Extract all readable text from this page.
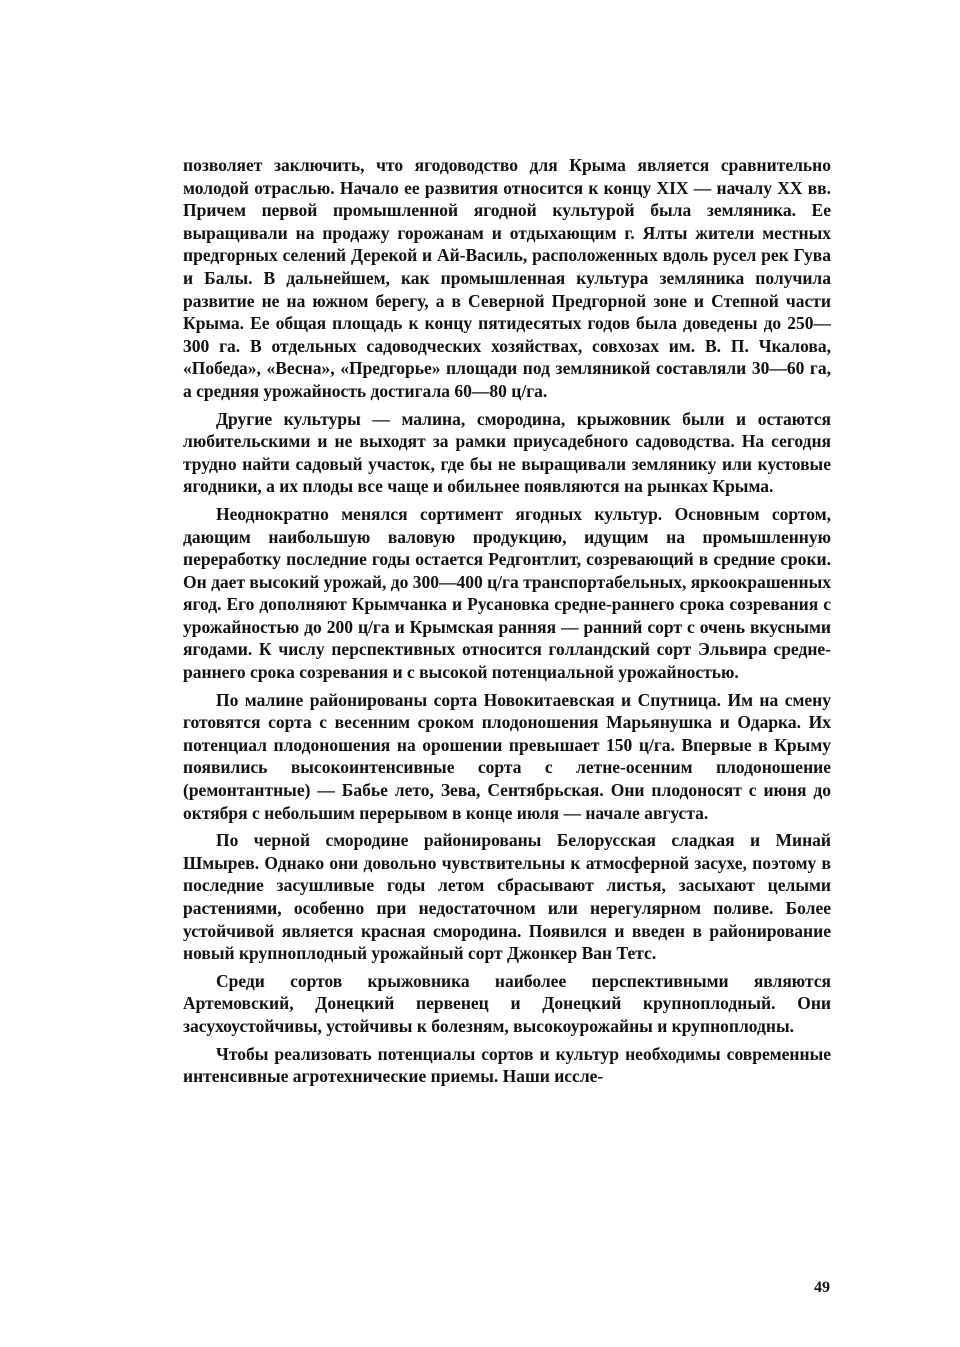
позволяет заключить, что ягодоводство для Крыма является сравнительно молодой отраслью. Начало ее развития относится к концу XIX — началу XX вв. Причем первой промышленной ягодной культурой была земляника. Ее выращивали на продажу горожанам и отдыхающим г. Ялты жители местных предгорных селений Дерекой и Ай-Василь, расположенных вдоль русел рек Гува и Балы. В дальнейшем, как промышленная культура земляника получила развитие не на южном берегу, а в Северной Предгорной зоне и Степной части Крыма. Ее общая площадь к концу пятидесятых годов была доведены до 250—300 га. В отдельных садоводческих хозяйствах, совхозах им. В. П. Чкалова, «Победа», «Весна», «Предгорье» площади под земляникой составляли 30—60 га, а средняя урожайность достигала 60—80 ц/га.

Другие культуры — малина, смородина, крыжовник были и остаются любительскими и не выходят за рамки приусадебного садоводства. На сегодня трудно найти садовый участок, где бы не выращивали землянику или кустовые ягодники, а их плоды все чаще и обильнее появляются на рынках Крыма.

Неоднократно менялся сортимент ягодных культур. Основным сортом, дающим наибольшую валовую продукцию, идущим на промышленную переработку последние годы остается Редгонтлит, созревающий в средние сроки. Он дает высокий урожай, до 300—400 ц/га транспортабельных, яркоокрашенных ягод. Его дополняют Крымчанка и Русановка средне-раннего срока созревания с урожайностью до 200 ц/га и Крымская ранняя — ранний сорт с очень вкусными ягодами. К числу перспективных относится голландский сорт Эльвира средне-раннего срока созревания и с высокой потенциальной урожайностью.

По малине районированы сорта Новокитаевская и Спутница. Им на смену готовятся сорта с весенним сроком плодоношения Марьянушка и Одарка. Их потенциал плодоношения на орошении превышает 150 ц/га. Впервые в Крыму появились высокоинтенсивные сорта с летне-осенним плодоношение (ремонтантные) — Бабье лето, Зева, Сентябрьская. Они плодоносят с июня до октября с небольшим перерывом в конце июля — начале августа.

По черной смородине районированы Белорусская сладкая и Минай Шмырев. Однако они довольно чувствительны к атмосферной засухе, поэтому в последние засушливые годы летом сбрасывают листья, засыхают целыми растениями, особенно при недостаточном или нерегулярном поливе. Более устойчивой является красная смородина. Появился и введен в районирование новый крупноплодный урожайный сорт Джонкер Ван Тетс.

Среди сортов крыжовника наиболее перспективными являются Артемовский, Донецкий первенец и Донецкий крупноплодный. Они засухоустойчивы, устойчивы к болезням, высокоурожайны и крупноплодны.

Чтобы реализовать потенциалы сортов и культур необходимы современные интенсивные агротехнические приемы. Наши иссле-

49
